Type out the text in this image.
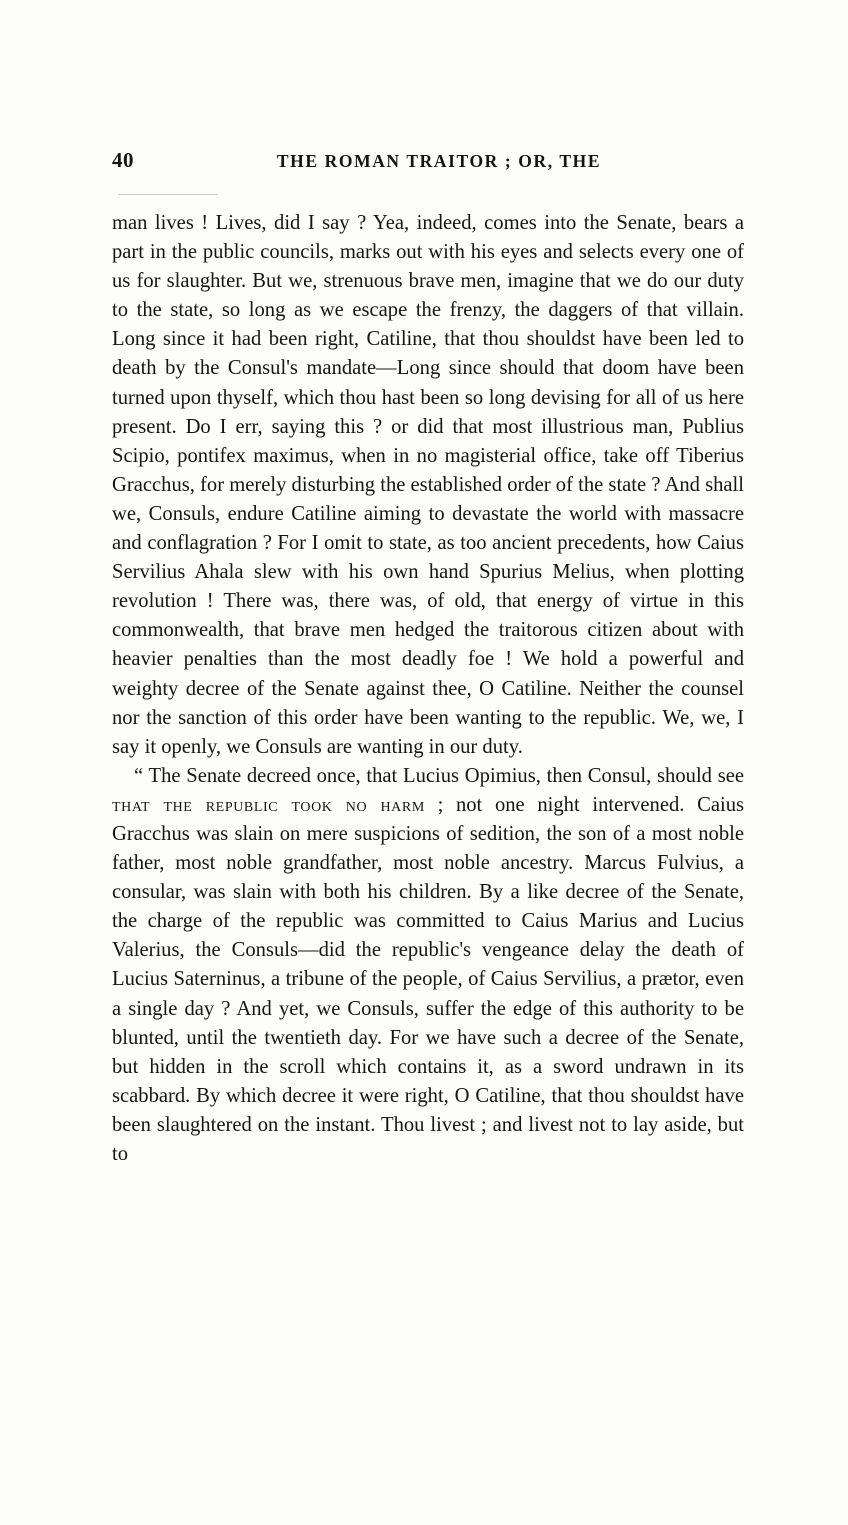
40	THE ROMAN TRAITOR ; OR, THE

man lives ! Lives, did I say ? Yea, indeed, comes into the Senate, bears a part in the public councils, marks out with his eyes and selects every one of us for slaughter. But we, strenuous brave men, imagine that we do our duty to the state, so long as we escape the frenzy, the daggers of that villain. Long since it had been right, Catiline, that thou shouldst have been led to death by the Consul's mandate—Long since should that doom have been turned upon thyself, which thou hast been so long devising for all of us here present. Do I err, saying this ? or did that most illustrious man, Publius Scipio, pontifex maximus, when in no magisterial office, take off Tiberius Gracchus, for merely disturbing the established order of the state ? And shall we, Consuls, endure Catiline aiming to devastate the world with massacre and conflagration ? For I omit to state, as too ancient precedents, how Caius Servilius Ahala slew with his own hand Spurius Melius, when plotting revolution ! There was, there was, of old, that energy of virtue in this commonwealth, that brave men hedged the traitorous citizen about with heavier penalties than the most deadly foe ! We hold a powerful and weighty decree of the Senate against thee, O Catiline. Neither the counsel nor the sanction of this order have been wanting to the republic. We, we, I say it openly, we Consuls are wanting in our duty.

“ The Senate decreed once, that Lucius Opimius, then Consul, should see that the republic took no harm ; not one night intervened. Caius Gracchus was slain on mere suspicions of sedition, the son of a most noble father, most noble grandfather, most noble ancestry. Marcus Fulvius, a consular, was slain with both his children. By a like decree of the Senate, the charge of the republic was committed to Caius Marius and Lucius Valerius, the Consuls—did the republic's vengeance delay the death of Lucius Saterninus, a tribune of the people, of Caius Servilius, a prætor, even a single day ? And yet, we Consuls, suffer the edge of this authority to be blunted, until the twentieth day. For we have such a decree of the Senate, but hidden in the scroll which contains it, as a sword undrawn in its scabbard. By which decree it were right, O Catiline, that thou shouldst have been slaughtered on the instant. Thou livest ; and livest not to lay aside, but to
